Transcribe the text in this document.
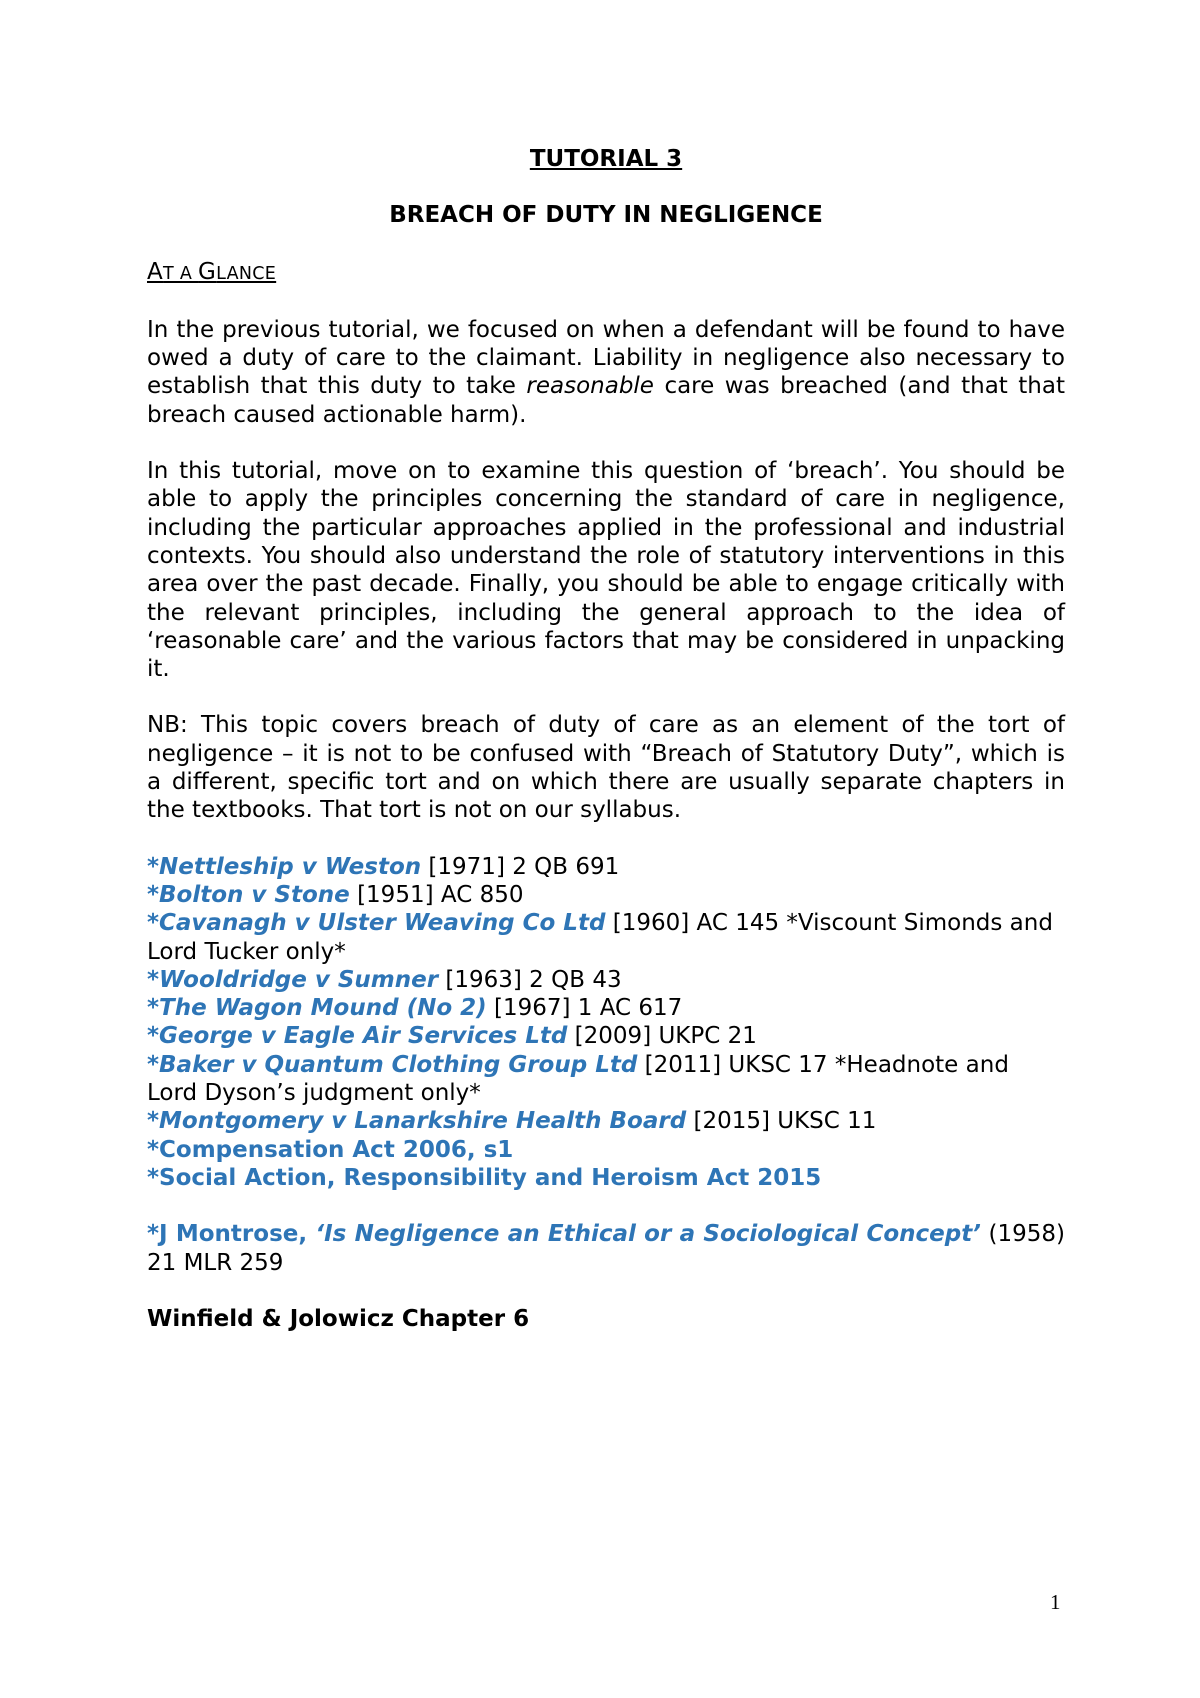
TUTORIAL 3

BREACH OF DUTY IN NEGLIGENCE

AT A GLANCE

In the previous tutorial, we focused on when a defendant will be found to have owed a duty of care to the claimant. Liability in negligence also necessary to establish that this duty to take reasonable care was breached (and that that breach caused actionable harm).

In this tutorial, move on to examine this question of ‘breach’. You should be able to apply the principles concerning the standard of care in negligence, including the particular approaches applied in the professional and industrial contexts. You should also understand the role of statutory interventions in this area over the past decade. Finally, you should be able to engage critically with the relevant principles, including the general approach to the idea of ‘reasonable care’ and the various factors that may be considered in unpacking it.

NB: This topic covers breach of duty of care as an element of the tort of negligence – it is not to be confused with “Breach of Statutory Duty”, which is a different, specific tort and on which there are usually separate chapters in the textbooks. That tort is not on our syllabus.

*Nettleship v Weston [1971] 2 QB 691

*Bolton v Stone [1951] AC 850

*Cavanagh v Ulster Weaving Co Ltd [1960] AC 145 *Viscount Simonds and Lord Tucker only*

*Wooldridge v Sumner [1963] 2 QB 43

*The Wagon Mound (No 2) [1967] 1 AC 617

*George v Eagle Air Services Ltd [2009] UKPC 21

*Baker v Quantum Clothing Group Ltd [2011] UKSC 17 *Headnote and Lord Dyson’s judgment only*

*Montgomery v Lanarkshire Health Board [2015] UKSC 11

*Compensation Act 2006, s1

*Social Action, Responsibility and Heroism Act 2015

*J Montrose, ‘Is Negligence an Ethical or a Sociological Concept’ (1958) 21 MLR 259

Winfield & Jolowicz Chapter 6

1
